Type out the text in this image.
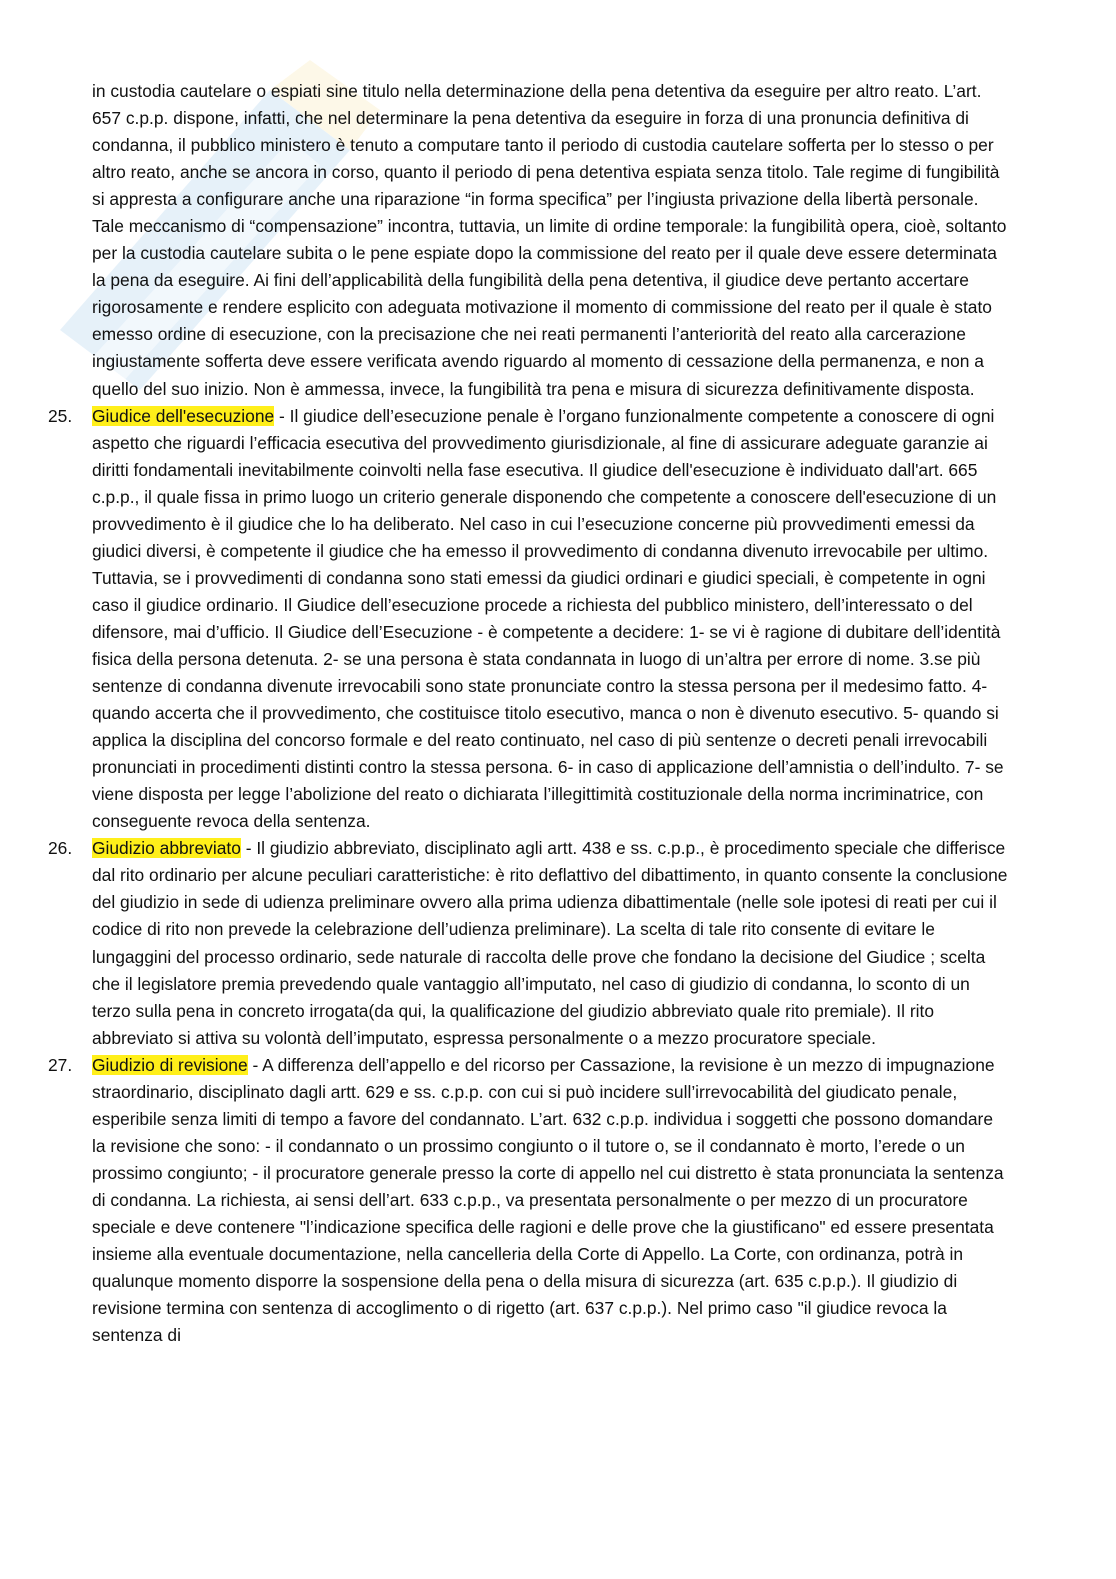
in custodia cautelare o espiati sine titulo nella determinazione della pena detentiva da eseguire per altro reato. L’art. 657 c.p.p. dispone, infatti, che nel determinare la pena detentiva da eseguire in forza di una pronuncia definitiva di condanna, il pubblico ministero è tenuto a computare tanto il periodo di custodia cautelare sofferta per lo stesso o per altro reato, anche se ancora in corso, quanto il periodo di pena detentiva espiata senza titolo. Tale regime di fungibilità si appresta a configurare anche una riparazione “in forma specifica” per l’ingiusta privazione della libertà personale. Tale meccanismo di “compensazione” incontra, tuttavia, un limite di ordine temporale: la fungibilità opera, cioè, soltanto per la custodia cautelare subita o le pene espiate dopo la commissione del reato per il quale deve essere determinata la pena da eseguire. Ai fini dell’applicabilità della fungibilità della pena detentiva, il giudice deve pertanto accertare rigorosamente e rendere esplicito con adeguata motivazione il momento di commissione del reato per il quale è stato emesso ordine di esecuzione, con la precisazione che nei reati permanenti l’anteriorità del reato alla carcerazione ingiustamente sofferta deve essere verificata avendo riguardo al momento di cessazione della permanenza, e non a quello del suo inizio. Non è ammessa, invece, la fungibilità tra pena e misura di sicurezza definitivamente disposta.

25. Giudice dell'esecuzione - Il giudice dell’esecuzione penale è l’organo funzionalmente competente a conoscere di ogni aspetto che riguardi l’efficacia esecutiva del provvedimento giurisdizionale, al fine di assicurare adeguate garanzie ai diritti fondamentali inevitabilmente coinvolti nella fase esecutiva. Il giudice dell'esecuzione è individuato dall'art. 665 c.p.p., il quale fissa in primo luogo un criterio generale disponendo che competente a conoscere dell'esecuzione di un provvedimento è il giudice che lo ha deliberato. Nel caso in cui l’esecuzione concerne più provvedimenti emessi da giudici diversi, è competente il giudice che ha emesso il provvedimento di condanna divenuto irrevocabile per ultimo. Tuttavia, se i provvedimenti di condanna sono stati emessi da giudici ordinari e giudici speciali, è competente in ogni caso il giudice ordinario. Il Giudice dell’esecuzione procede a richiesta del pubblico ministero, dell’interessato o del difensore, mai d’ufficio. Il Giudice dell’Esecuzione - è competente a decidere: 1- se vi è ragione di dubitare dell’identità fisica della persona detenuta. 2- se una persona è stata condannata in luogo di un’altra per errore di nome. 3.se più sentenze di condanna divenute irrevocabili sono state pronunciate contro la stessa persona per il medesimo fatto. 4- quando accerta che il provvedimento, che costituisce titolo esecutivo, manca o non è divenuto esecutivo. 5- quando si applica la disciplina del concorso formale e del reato continuato, nel caso di più sentenze o decreti penali irrevocabili pronunciati in procedimenti distinti contro la stessa persona. 6- in caso di applicazione dell’amnistia o dell’indulto. 7- se viene disposta per legge l’abolizione del reato o dichiarata l’illegittimità costituzionale della norma incriminatrice, con conseguente revoca della sentenza.

26. Giudizio abbreviato - Il giudizio abbreviato, disciplinato agli artt. 438 e ss. c.p.p., è procedimento speciale che differisce dal rito ordinario per alcune peculiari caratteristiche: è rito deflattivo del dibattimento, in quanto consente la conclusione del giudizio in sede di udienza preliminare ovvero alla prima udienza dibattimentale (nelle sole ipotesi di reati per cui il codice di rito non prevede la celebrazione dell’udienza preliminare). La scelta di tale rito consente di evitare le lungaggini del processo ordinario, sede naturale di raccolta delle prove che fondano la decisione del Giudice ; scelta che il legislatore premia prevedendo quale vantaggio all’imputato, nel caso di giudizio di condanna, lo sconto di un terzo sulla pena in concreto irrogata(da qui, la qualificazione del giudizio abbreviato quale rito premiale). Il rito abbreviato si attiva su volontà dell’imputato, espressa personalmente o a mezzo procuratore speciale.

27. Giudizio di revisione - A differenza dell’appello e del ricorso per Cassazione, la revisione è un mezzo di impugnazione straordinario, disciplinato dagli artt. 629 e ss. c.p.p. con cui si può incidere sull’irrevocabilità del giudicato penale, esperibile senza limiti di tempo a favore del condannato. L’art. 632 c.p.p. individua i soggetti che possono domandare la revisione che sono: - il condannato o un prossimo congiunto o il tutore o, se il condannato è morto, l’erede o un prossimo congiunto; - il procuratore generale presso la corte di appello nel cui distretto è stata pronunciata la sentenza di condanna. La richiesta, ai sensi dell’art. 633 c.p.p., va presentata personalmente o per mezzo di un procuratore speciale e deve contenere "l’indicazione specifica delle ragioni e delle prove che la giustificano" ed essere presentata insieme alla eventuale documentazione, nella cancelleria della Corte di Appello. La Corte, con ordinanza, potrà in qualunque momento disporre la sospensione della pena o della misura di sicurezza (art. 635 c.p.p.). Il giudizio di revisione termina con sentenza di accoglimento o di rigetto (art. 637 c.p.p.). Nel primo caso "il giudice revoca la sentenza di
